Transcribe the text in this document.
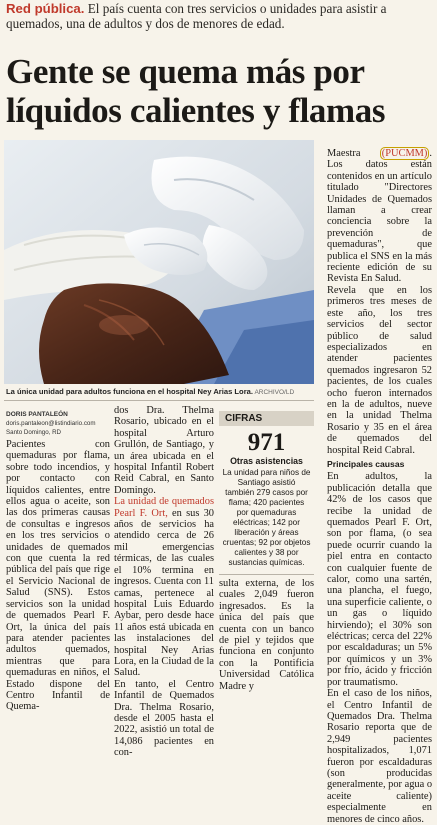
Red pública. El país cuenta con tres servicios o unidades para asistir a quemados, una de adultos y dos de menores de edad.

Gente se quema más por líquidos calientes y flamas
La única unidad para adultos funciona en el hospital Ney Arias Lora. ARCHIVO/LD
DORIS PANTALEÓN
doris.pantaleon@listindiario.com
Santo Domingo, RD

Pacientes con quemaduras por flama, sobre todo incendios, y por contacto con líquidos calientes, entre ellos agua o aceite, son las dos primeras causas de consultas e ingresos en los tres servicios o unidades de quemados con que cuenta la red pública del país que rige el Servicio Nacional de Salud (SNS). Estos servicios son la unidad de quemados Pearl F. Ort, la única del país para atender pacientes adultos quemados, mientras que para quemaduras en niños, el Estado dispone del Centro Infantil de Quema-

dos Dra. Thelma Rosario, ubicado en el hospital Arturo Grullón, de Santiago, y un área ubicada en el hospital Infantil Robert Reid Cabral, en Santo Domingo.

La unidad de quemados Pearl F. Ort, en sus 30 años de servicios ha atendido cerca de 26 mil emergencias térmicas, de las cuales el 10% termina en ingresos. Cuenta con 11 camas, pertenece al hospital Luis Eduardo Aybar, pero desde hace 11 años está ubicada en las instalaciones del hospital Ney Arias Lora, en la Ciudad de la Salud.

En tanto, el Centro Infantil de Quemados Dra. Thelma Rosario, desde el 2005 hasta el 2022, asistió un total de 14,086 pacientes en con-

CIFRAS
971
Otras asistencias
La unidad para niños de Santiago asistió también 279 casos por flama; 420 pacientes por quemaduras eléctricas; 142 por liberación y áreas cruentas; 92 por objetos calientes y 38 por sustancias químicas.

sulta externa, de los cuales 2,049 fueron ingresados. Es la única del país que cuenta con un banco de piel y tejidos que funciona en conjunto con la Pontificia Universidad Católica Madre y

Maestra (PUCMM) . Los datos están contenidos en un artículo titulado "Directores Unidades de Quemados llaman a crear conciencia sobre la prevención de quemaduras", que publica el SNS en la más reciente edición de su Revista En Salud.

Revela que en los primeros tres meses de este año, los tres servicios del sector público de salud especializados en atender pacientes quemados ingresaron 52 pacientes, de los cuales ocho fueron internados en la de adultos, nueve en la unidad Thelma Rosario y 35 en el área de quemados del hospital Reid Cabral.

Principales causas

En adultos, la publicación detalla que 42% de los casos que recibe la unidad de quemados Pearl F. Ort, son por flama, (o sea puede ocurrir cuando la piel entra en contacto con cualquier fuente de calor, como una sartén, una plancha, el fuego, una superficie caliente, o un gas o líquido hirviendo); el 30% son eléctricas; cerca del 22% por escaldaduras; un 5% por químicos y un 3% por frío, ácido y fricción por traumatismo.

En el caso de los niños, el Centro Infantil de Quemados Dra. Thelma Rosario reporta que de 2,949 pacientes hospitalizados, 1,071 fueron por escaldaduras (son producidas generalmente, por agua o aceite caliente) especialmente en menores de cinco años.
